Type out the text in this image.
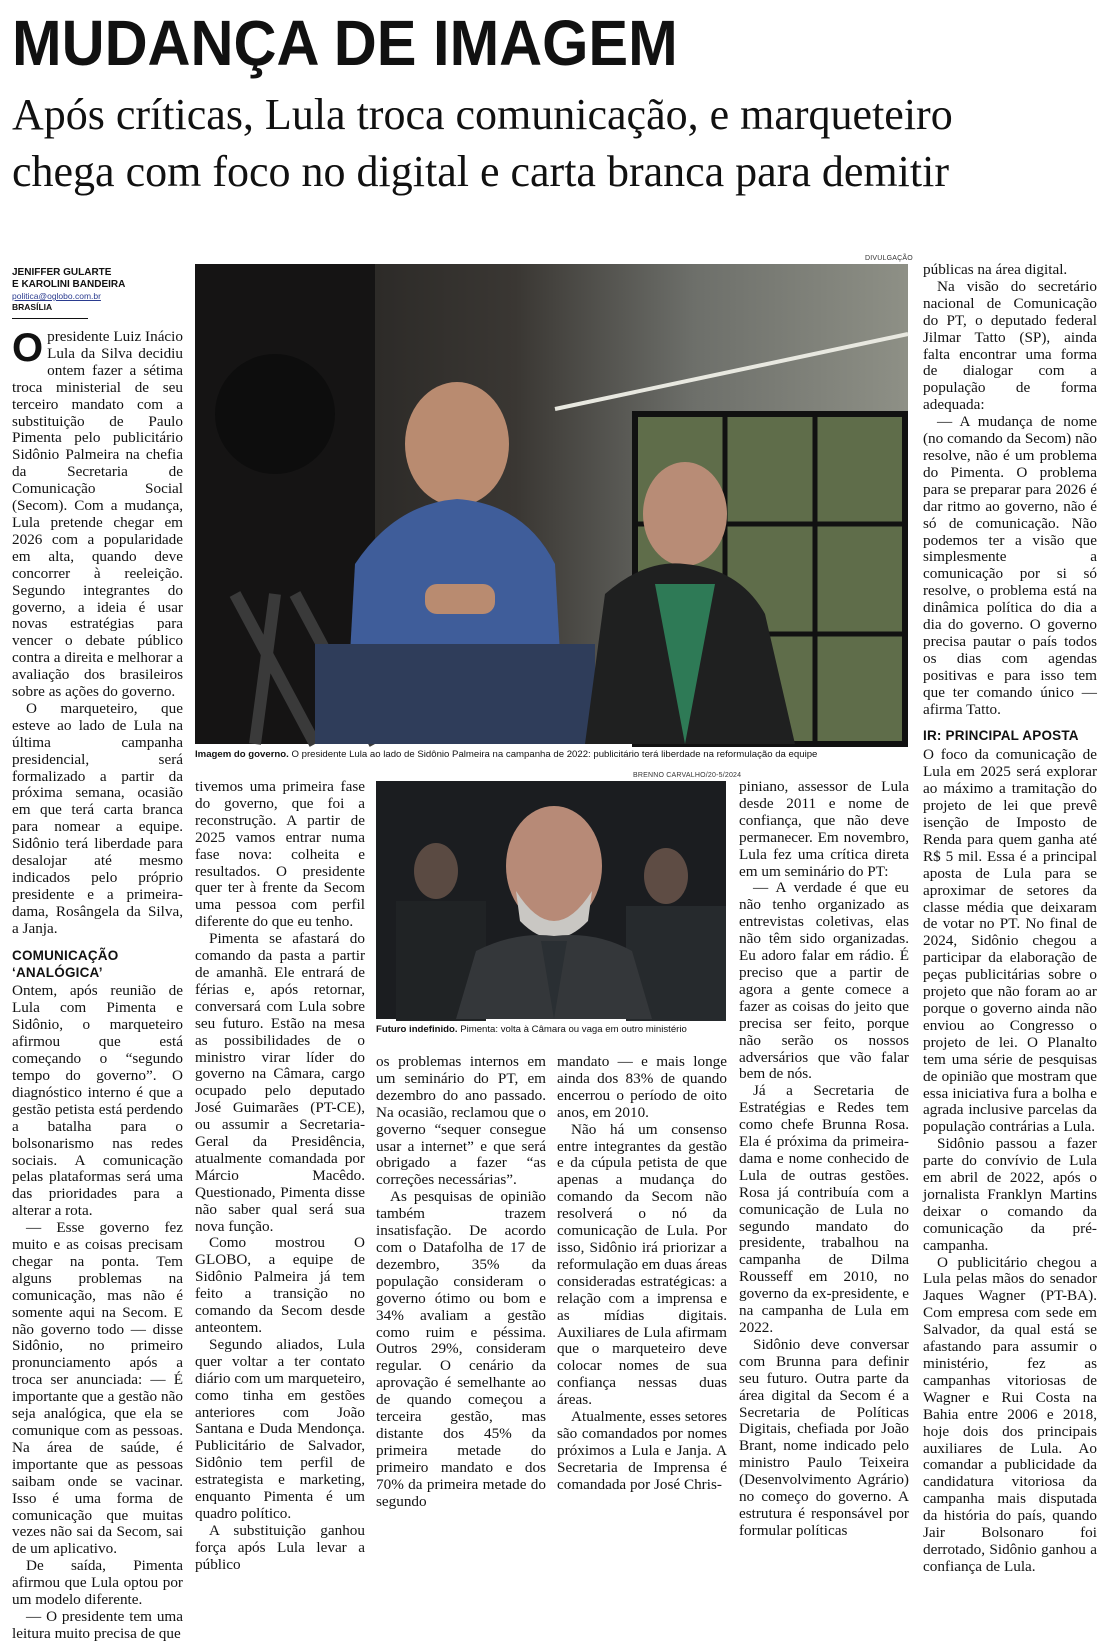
MUDANÇA DE IMAGEM
Após críticas, Lula troca comunicação, e marqueteiro
chega com foco no digital e carta branca para demitir
JENIFFER GULARTE
E KAROLINI BANDEIRA
politica@oglobo.com.br
BRASÍLIA

Opresidente Luiz Inácio Lula da Silva decidiu ontem fazer a sétima troca ministerial de seu terceiro mandato com a substituição de Paulo Pimenta pelo publicitário Sidônio Palmeira na chefia da Secretaria de Comunicação Social (Secom). Com a mudança, Lula pretende chegar em 2026 com a popularidade em alta, quando deve concorrer à reeleição. Segundo integrantes do governo, a ideia é usar novas estratégias para vencer o debate público contra a direita e melhorar a avaliação dos brasileiros sobre as ações do governo.

O marqueteiro, que esteve ao lado de Lula na última campanha presidencial, será formalizado a partir da próxima semana, ocasião em que terá carta branca para nomear a equipe. Sidônio terá liberdade para desalojar até mesmo indicados pelo próprio presidente e a primeira-dama, Rosângela da Silva, a Janja.

COMUNICAÇÃO ‘ANALÓGICA’

Ontem, após reunião de Lula com Pimenta e Sidônio, o marqueteiro afirmou que está começando o “segundo tempo do governo”. O diagnóstico interno é que a gestão petista está perdendo a batalha para o bolsonarismo nas redes sociais. A comunicação pelas plataformas será uma das prioridades para a alterar a rota.

— Esse governo fez muito e as coisas precisam chegar na ponta. Tem alguns problemas na comunicação, mas não é somente aqui na Secom. E não governo todo — disse Sidônio, no primeiro pronunciamento após a troca ser anunciada: — É importante que a gestão não seja analógica, que ela se comunique com as pessoas. Na área de saúde, é importante que as pessoas saibam onde se vacinar. Isso é uma forma de comunicação que muitas vezes não sai da Secom, sai de um aplicativo.

De saída, Pimenta afirmou que Lula optou por um modelo diferente.

— O presidente tem uma leitura muito precisa de que

DIVULGAÇÃO
Imagem do governo. O presidente Lula ao lado de Sidônio Palmeira na campanha de 2022: publicitário terá liberdade na reformulação da equipe

tivemos uma primeira fase do governo, que foi a reconstrução. A partir de 2025 vamos entrar numa fase nova: colheita e resultados. O presidente quer ter à frente da Secom uma pessoa com perfil diferente do que eu tenho.

Pimenta se afastará do comando da pasta a partir de amanhã. Ele entrará de férias e, após retornar, conversará com Lula sobre seu futuro. Estão na mesa as possibilidades de o ministro virar líder do governo na Câmara, cargo ocupado pelo deputado José Guimarães (PT-CE), ou assumir a Secretaria-Geral da Presidência, atualmente comandada por Márcio Macêdo. Questionado, Pimenta disse não saber qual será sua nova função.

Como mostrou O GLOBO, a equipe de Sidônio Palmeira já tem feito a transição no comando da Secom desde anteontem.

Segundo aliados, Lula quer voltar a ter contato diário com um marqueteiro, como tinha em gestões anteriores com João Santana e Duda Mendonça. Publicitário de Salvador, Sidônio tem perfil de estrategista e marketing, enquanto Pimenta é um quadro político.

A substituição ganhou força após Lula levar a público

BRENNO CARVALHO/20-5/2024
Futuro indefinido. Pimenta: volta à Câmara ou vaga em outro ministério

os problemas internos em um seminário do PT, em dezembro do ano passado. Na ocasião, reclamou que o governo “sequer consegue usar a internet” e que será obrigado a fazer “as correções necessárias”.

As pesquisas de opinião também trazem insatisfação. De acordo com o Datafolha de 17 de dezembro, 35% da população consideram o governo ótimo ou bom e 34% avaliam a gestão como ruim e péssima. Outros 29%, consideram regular. O cenário da aprovação é semelhante ao de quando começou a terceira gestão, mas distante dos 45% da primeira metade do primeiro mandato e dos 70% da primeira metade do segundo

mandato — e mais longe ainda dos 83% de quando encerrou o período de oito anos, em 2010.

Não há um consenso entre integrantes da gestão e da cúpula petista de que apenas a mudança do comando da Secom não resolverá o nó da comunicação de Lula. Por isso, Sidônio irá priorizar a reformulação em duas áreas consideradas estratégicas: a relação com a imprensa e as mídias digitais. Auxiliares de Lula afirmam que o marqueteiro deve colocar nomes de sua confiança nessas duas áreas.

Atualmente, esses setores são comandados por nomes próximos a Lula e Janja. A Secretaria de Imprensa é comandada por José Chris-

piniano, assessor de Lula desde 2011 e nome de confiança, que não deve permanecer. Em novembro, Lula fez uma crítica direta em um seminário do PT:

— A verdade é que eu não tenho organizado as entrevistas coletivas, elas não têm sido organizadas. Eu adoro falar em rádio. É preciso que a partir de agora a gente comece a fazer as coisas do jeito que precisa ser feito, porque não serão os nossos adversários que vão falar bem de nós.

Já a Secretaria de Estratégias e Redes tem como chefe Brunna Rosa. Ela é próxima da primeira-dama e nome conhecido de Lula de outras gestões. Rosa já contribuía com a comunicação de Lula no segundo mandato do presidente, trabalhou na campanha de Dilma Rousseff em 2010, no governo da ex-presidente, e na campanha de Lula em 2022.

Sidônio deve conversar com Brunna para definir seu futuro. Outra parte da área digital da Secom é a Secretaria de Políticas Digitais, chefiada por João Brant, nome indicado pelo ministro Paulo Teixeira (Desenvolvimento Agrário) no começo do governo. A estrutura é responsável por formular políticas

públicas na área digital.

Na visão do secretário nacional de Comunicação do PT, o deputado federal Jilmar Tatto (SP), ainda falta encontrar uma forma de dialogar com a população de forma adequada:

— A mudança de nome (no comando da Secom) não resolve, não é um problema do Pimenta. O problema para se preparar para 2026 é dar ritmo ao governo, não é só de comunicação. Não podemos ter a visão que simplesmente a comunicação por si só resolve, o problema está na dinâmica política do dia a dia do governo. O governo precisa pautar o país todos os dias com agendas positivas e para isso tem que ter comando único — afirma Tatto.

IR: PRINCIPAL APOSTA

O foco da comunicação de Lula em 2025 será explorar ao máximo a tramitação do projeto de lei que prevê isenção de Imposto de Renda para quem ganha até R$ 5 mil. Essa é a principal aposta de Lula para se aproximar de setores da classe média que deixaram de votar no PT. No final de 2024, Sidônio chegou a participar da elaboração de peças publicitárias sobre o projeto que não foram ao ar porque o governo ainda não enviou ao Congresso o projeto de lei. O Planalto tem uma série de pesquisas de opinião que mostram que essa iniciativa fura a bolha e agrada inclusive parcelas da população contrárias a Lula.

Sidônio passou a fazer parte do convívio de Lula em abril de 2022, após o jornalista Franklyn Martins deixar o comando da comunicação da pré-campanha.

O publicitário chegou a Lula pelas mãos do senador Jaques Wagner (PT-BA). Com empresa com sede em Salvador, da qual está se afastando para assumir o ministério, fez as campanhas vitoriosas de Wagner e Rui Costa na Bahia entre 2006 e 2018, hoje dois dos principais auxiliares de Lula. Ao comandar a publicidade da candidatura vitoriosa da campanha mais disputada da história do país, quando Jair Bolsonaro foi derrotado, Sidônio ganhou a confiança de Lula.
